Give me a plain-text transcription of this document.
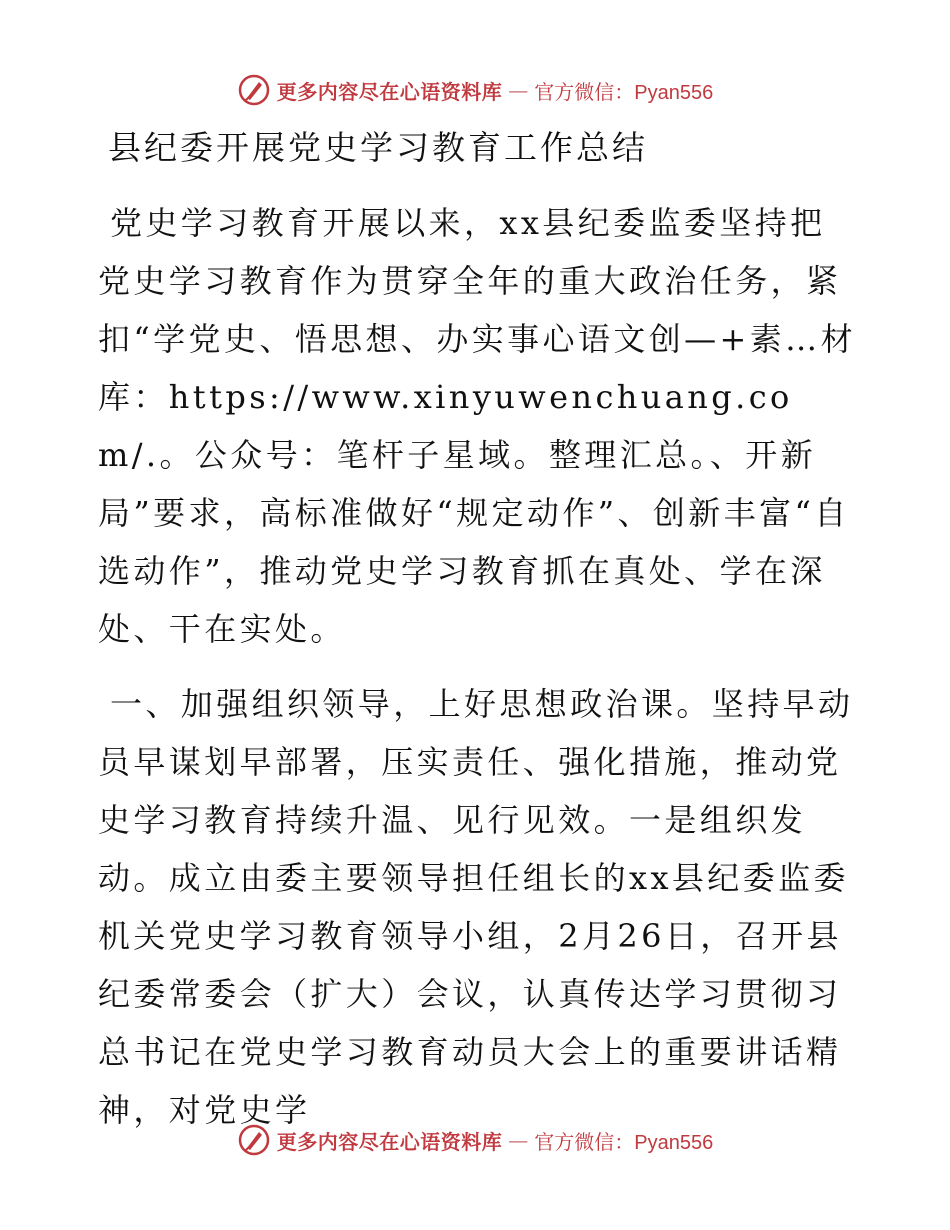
更多内容尽在心语资料库 — 官方微信：Pyan556
县纪委开展党史学习教育工作总结

党史学习教育开展以来，xx县纪委监委坚持把党史学习教育作为贯穿全年的重大政治任务，紧扣“学党史、悟思想、办实事心语文创—+素…材库：https://www.xinyuwenchuang.com/.。公众号：笔杆子星域。整理汇总。、开新局”要求，高标准做好“规定动作”、创新丰富“自选动作”，推动党史学习教育抓在真处、学在深处、干在实处。

一、加强组织领导，上好思想政治课。坚持早动员早谋划早部署，压实责任、强化措施，推动党史学习教育持续升温、见行见效。一是组织发动。成立由委主要领导担任组长的xx县纪委监委机关党史学习教育领导小组，2月26日，召开县纪委常委会（扩大）会议，认真传达学习贯彻习总书记在党史学习教育动员大会上的重要讲话精神，对党史学

更多内容尽在心语资料库 — 官方微信：Pyan556
